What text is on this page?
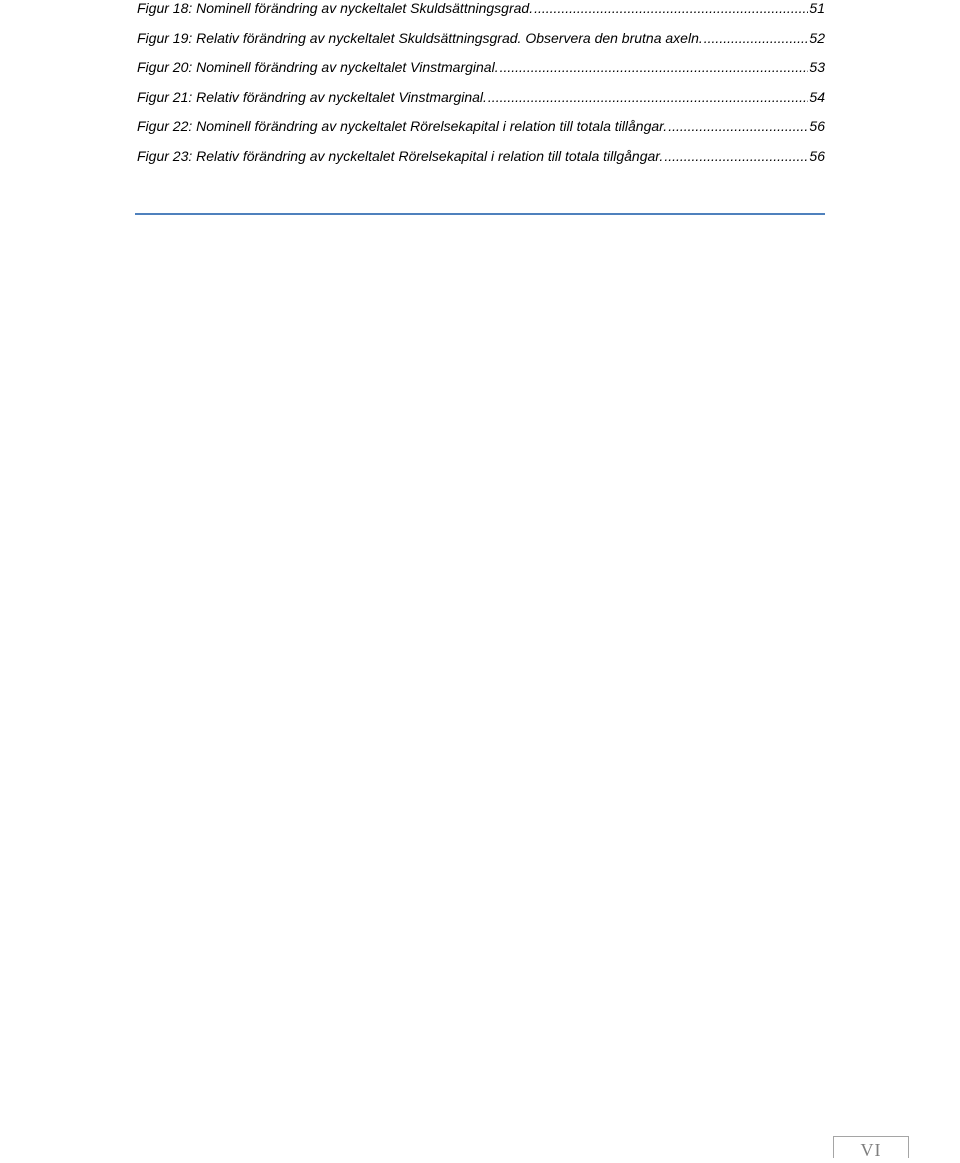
Figur 18: Nominell förändring av nyckeltalet Skuldsättningsgrad. .....	51
Figur 19: Relativ förändring av nyckeltalet Skuldsättningsgrad. Observera den brutna axeln. .....	52
Figur 20: Nominell förändring av nyckeltalet Vinstmarginal. .....	53
Figur 21: Relativ förändring av nyckeltalet Vinstmarginal. .....	54
Figur 22: Nominell förändring av nyckeltalet Rörelsekapital i relation till totala tillångar. .....	56
Figur 23: Relativ förändring av nyckeltalet Rörelsekapital i relation till totala tillgångar. .....	56
VI
